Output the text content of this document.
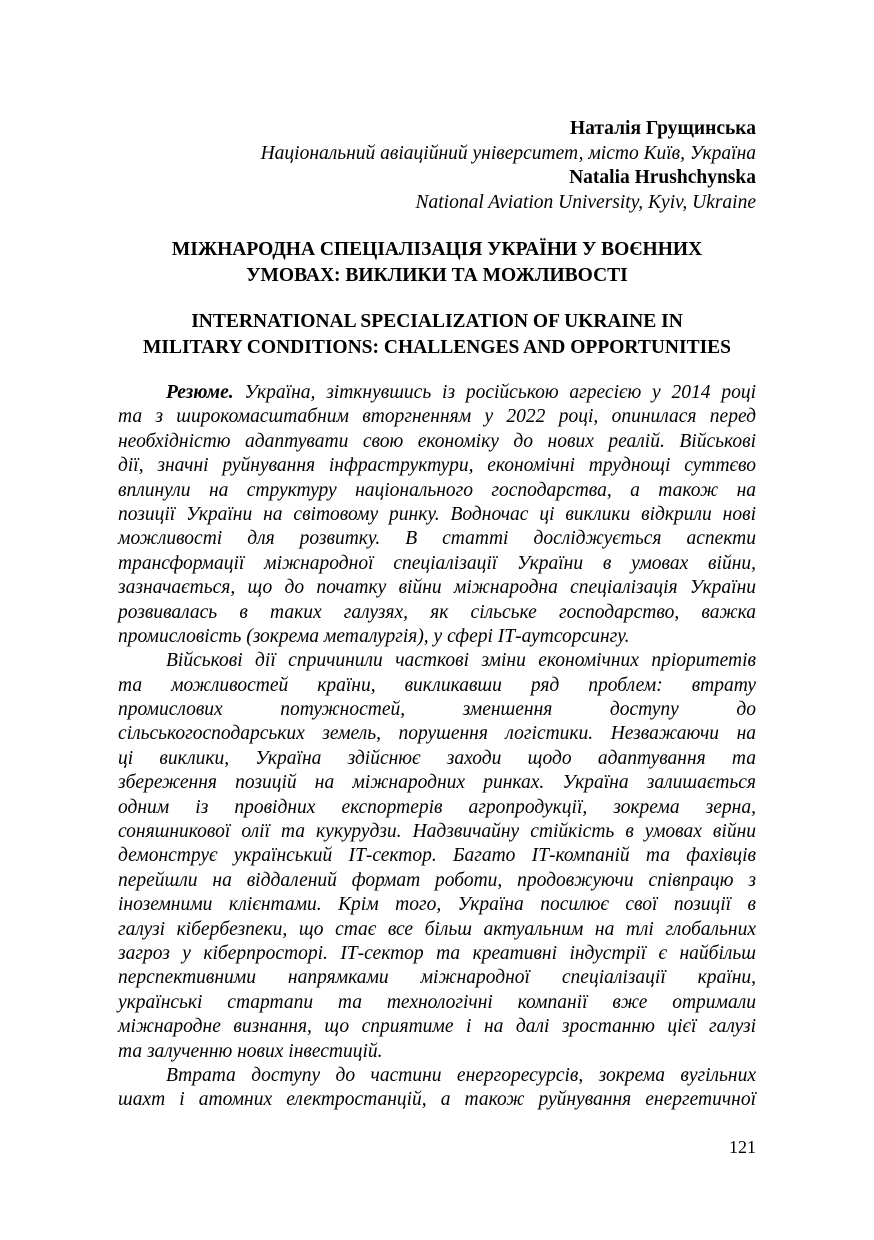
Наталія Грущинська
Національний авіаційний університет, місто Київ, Україна
Natalia Hrushchynska
National Aviation University, Kyiv, Ukraine
МІЖНАРОДНА СПЕЦІАЛІЗАЦІЯ УКРАЇНИ У ВОЄННИХ
УМОВАХ: ВИКЛИКИ ТА МОЖЛИВОСТІ
INTERNATIONAL SPECIALIZATION OF UKRAINE IN
MILITARY CONDITIONS: CHALLENGES AND OPPORTUNITIES
Резюме. Україна, зіткнувшись із російською агресією у 2014 році
та з широкомасштабним вторгненням у 2022 році, опинилася перед
необхідністю адаптувати свою економіку до нових реалій. Військові
дії, значні руйнування інфраструктури, економічні труднощі суттєво
вплинули на структуру національного господарства, а також на
позиції України на світовому ринку. Водночас ці виклики відкрили нові
можливості для розвитку. В статті досліджується аспекти
трансформації міжнародної спеціалізації України в умовах війни,
зазначається, що до початку війни міжнародна спеціалізація України
розвивалась в таких галузях, як сільське господарство, важка
промисловість (зокрема металургія), у сфері ІТ-аутсорсингу.
Військові дії спричинили часткові зміни економічних пріоритетів
та можливостей країни, викликавши ряд проблем: втрату
промислових потужностей, зменшення доступу до
сільськогосподарських земель, порушення логістики. Незважаючи на
ці виклики, Україна здійснює заходи щодо адаптування та
збереження позицій на міжнародних ринках. Україна залишається
одним із провідних експортерів агропродукції, зокрема зерна,
соняшникової олії та кукурудзи. Надзвичайну стійкість в умовах війни
демонструє український ІТ-сектор. Багато ІТ-компаній та фахівців
перейшли на віддалений формат роботи, продовжуючи співпрацю з
іноземними клієнтами. Крім того, Україна посилює свої позиції в
галузі кібербезпеки, що стає все більш актуальним на тлі глобальних
загроз у кіберпросторі. ІТ-сектор та креативні індустрії є найбільш
перспективними напрямками міжнародної спеціалізації країни,
українські стартапи та технологічні компанії вже отримали
міжнародне визнання, що сприятиме і на далі зростанню цієї галузі
та залученню нових інвестицій.
Втрата доступу до частини енергоресурсів, зокрема вугільних
шахт і атомних електростанцій, а також руйнування енергетичної
121
